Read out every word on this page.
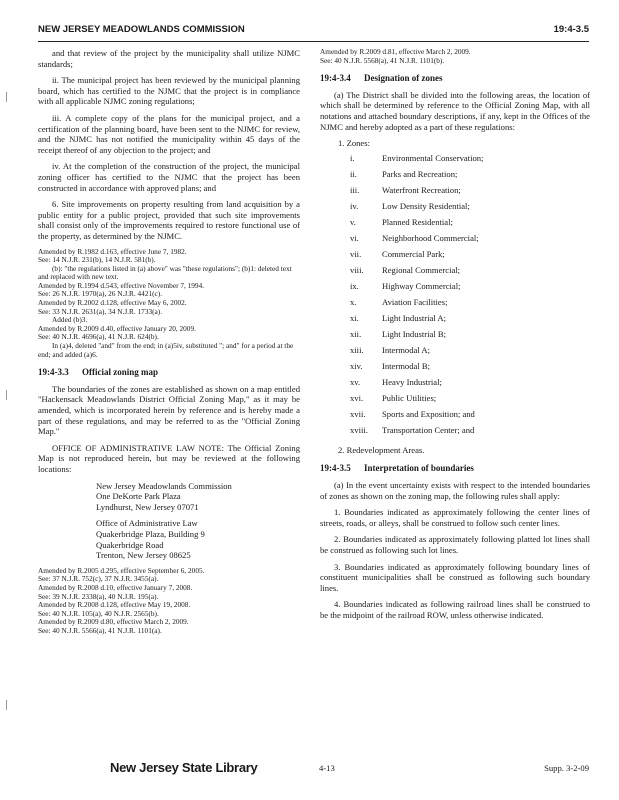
NEW JERSEY MEADOWLANDS COMMISSION	19:4-3.5

and that review of the project by the municipality shall utilize NJMC standards;

ii. The municipal project has been reviewed by the municipal planning board, which has certified to the NJMC that the project is in compliance with all applicable NJMC zoning regulations;

iii. A complete copy of the plans for the municipal project, and a certification of the planning board, have been sent to the NJMC for review, and the NJMC has not notified the municipality within 45 days of the receipt thereof of any objection to the project; and

iv. At the completion of the construction of the project, the municipal zoning officer has certified to the NJMC that the project has been constructed in accordance with approved plans; and

6. Site improvements on property resulting from land acquisition by a public entity for a public project, provided that such site improvements shall consist only of the improvements required to restore functional use of the property, as determined by the NJMC.

Amended by R.1982 d.163, effective June 7, 1982.
See: 14 N.J.R. 231(b), 14 N.J.R. 581(b).
(b): "the regulations listed in (a) above" was "these regulations"; (b)1: deleted text and replaced with new text.
Amended by R.1994 d.543, effective November 7, 1994.
See: 26 N.J.R. 1970(a), 26 N.J.R. 4421(c).
Amended by R.2002 d.128, effective May 6, 2002.
See: 33 N.J.R. 2631(a), 34 N.J.R. 1733(a).
Added (b)3.
Amended by R.2009 d.40, effective January 20, 2009.
See: 40 N.J.R. 4696(a), 41 N.J.R. 624(b).
In (a)4, deleted "and" from the end; in (a)5iv, substituted "; and" for a period at the end; and added (a)6.
19:4-3.3 Official zoning map

The boundaries of the zones are established as shown on a map entitled "Hackensack Meadowlands District Official Zoning Map," as it may be amended, which is incorporated herein by reference and is hereby made a part of these regulations, and may be referred to as the "Official Zoning Map."

OFFICE OF ADMINISTRATIVE LAW NOTE: The Official Zoning Map is not reproduced herein, but may be reviewed at the following locations:

New Jersey Meadowlands Commission
One DeKorte Park Plaza
Lyndhurst, New Jersey 07071
Office of Administrative Law
Quakerbridge Plaza, Building 9
Quakerbridge Road
Trenton, New Jersey 08625
Amended by R.2005 d.295, effective September 6, 2005.
See: 37 N.J.R. 752(c), 37 N.J.R. 3455(a).
Amended by R.2008 d.10, effective January 7, 2008.
See: 39 N.J.R. 2338(a), 40 N.J.R. 195(a).
Amended by R.2008 d.128, effective May 19, 2008.
See: 40 N.J.R. 105(a), 40 N.J.R. 2565(b).
Amended by R.2009 d.80, effective March 2, 2009.
See: 40 N.J.R. 5566(a), 41 N.J.R. 1101(a).
Amended by R.2009 d.81, effective March 2, 2009.
See: 40 N.J.R. 5568(a), 41 N.J.R. 1101(b).
19:4-3.4 Designation of zones

(a) The District shall be divided into the following areas, the location of which shall be determined by reference to the Official Zoning Map, with all notations and attached boundary descriptions, if any, kept in the Offices of the NJMC and hereby adopted as a part of these regulations:

1. Zones:
i.	Environmental Conservation;
ii.	Parks and Recreation;
iii.	Waterfront Recreation;
iv.	Low Density Residential;
v.	Planned Residential;
vi.	Neighborhood Commercial;
vii.	Commercial Park;
viii.	Regional Commercial;
ix.	Highway Commercial;
x.	Aviation Facilities;
xi.	Light Industrial A;
xii.	Light Industrial B;
xiii.	Intermodal A;
xiv.	Intermodal B;
xv.	Heavy Industrial;
xvi.	Public Utilities;
xvii.	Sports and Exposition; and
xviii.	Transportation Center; and
2. Redevelopment Areas.
19:4-3.5 Interpretation of boundaries

(a) In the event uncertainty exists with respect to the intended boundaries of zones as shown on the zoning map, the following rules shall apply:

1. Boundaries indicated as approximately following the center lines of streets, roads, or alleys, shall be construed to follow such center lines.

2. Boundaries indicated as approximately following platted lot lines shall be construed as following such lot lines.

3. Boundaries indicated as approximately following boundary lines of constituent municipalities shall be construed as following such boundary lines.

4. Boundaries indicated as following railroad lines shall be construed to be the midpoint of the railroad ROW, unless otherwise indicated.

New Jersey State Library	4-13	Supp. 3-2-09
